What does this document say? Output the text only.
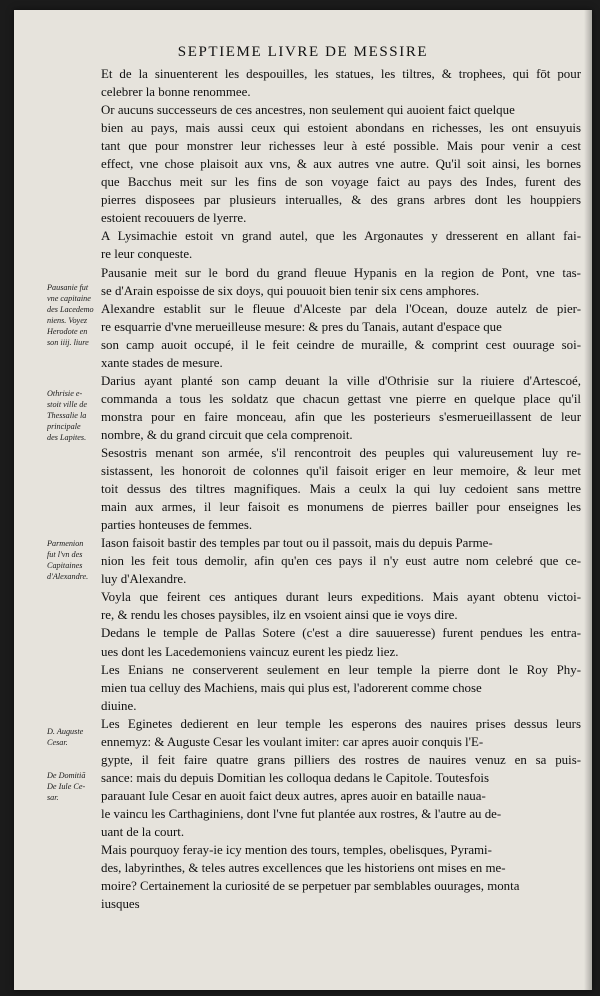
SEPTIEME LIVRE DE MESSIRE

Et de la sinuenterent les despouilles, les statues, les tiltres, & trophees, qui fōt pour
celebrer la bonne renommee.

Or aucuns successeurs de ces ancestres, non seulement qui auoient faict quelque
bien au pays, mais aussi ceux qui estoient abondans en richesses, les ont ensuyuis
tant que pour monstrer leur richesses leur à esté possible. Mais pour venir a cest
effect, vne chose plaisoit aux vns, & aux autres vne autre. Qu'il soit ainsi, les bornes
que Bacchus meit sur les fins de son voyage faict au pays des Indes, furent des
pierres disposees par plusieurs interualles, & des grans arbres dont les houppiers
estoient recouuers de lyerre.

A Lysimachie estoit vn grand autel, que les Argonautes y dresserent en allant fai-
re leur conqueste.

Pausanie meit sur le bord du grand fleuue Hypanis en la region de Pont, vne tas-
se d'Arain espoisse de six doys, qui pouuoit bien tenir six cens amphores.

Alexandre establit sur le fleuue d'Alceste par dela l'Ocean, douze autelz de pier-
re esquarrie d'vne merueilleuse mesure: & pres du Tanais, autant d'espace que
son camp auoit occupé, il le feit ceindre de muraille, & comprint cest ouurage soi-
xante stades de mesure.

Darius ayant planté son camp deuant la ville d'Othrisie sur la riuiere d'Artescoé,
commanda a tous les soldatz que chacun gettast vne pierre en quelque place qu'il
monstra pour en faire monceau, afin que les posterieurs s'esmerueillassent de leur
nombre, & du grand circuit que cela comprenoit.

Sesostris menant son armée, s'il rencontroit des peuples qui valureusement luy re-
sistassent, les honoroit de colonnes qu'il faisoit eriger en leur memoire, & leur met
toit dessus des tiltres magnifiques. Mais a ceulx la qui luy cedoient sans mettre
main aux armes, il leur faisoit es monumens de pierres bailler pour enseignes les
parties honteuses de femmes.

Iason faisoit bastir des temples par tout ou il passoit, mais du depuis Parme-
nion les feit tous demolir, afin qu'en ces pays il n'y eust autre nom celebré que ce-
luy d'Alexandre.

Voyla que feirent ces antiques durant leurs expeditions. Mais ayant obtenu victoi-
re, & rendu les choses paysibles, ilz en vsoient ainsi que ie voys dire.

Dedans le temple de Pallas Sotere (c'est a dire sauueresse) furent pendues les entra-
ues dont les Lacedemoniens vaincuz eurent les piedz liez.

Les Enians ne conserverent seulement en leur temple la pierre dont le Roy Phy-
mien tua celluy des Machiens, mais qui plus est, l'adorerent comme chose
diuine.

Les Eginetes dedierent en leur temple les esperons des nauires prises dessus leurs
ennemyz: & Auguste Cesar les voulant imiter: car apres auoir conquis l'E-
gypte, il feit faire quatre grans pilliers des rostres de nauires venuz en sa puis-
sance: mais du depuis Domitian les colloqua dedans le Capitole. Toutesfois
parauant Iule Cesar en auoit faict deux autres, apres auoir en bataille naua-
le vaincu les Carthaginiens, dont l'vne fut plantée aux rostres, & l'autre au de-
uant de la court.

Mais pourquoy feray-ie icy mention des tours, temples, obelisques, Pyrami-
des, labyrinthes, & teles autres excellences que les historiens ont mises en me-
moire? Certainement la curiosité de se perpetuer par semblables ouurages, monta
iusques

Pausanie fut
vne capitaine
des Lacedemo
niens. Voyez
Herodote en
son iiij. liure
Othrisie e-
stoit ville de
Thessalie la
principale
des Lapites.
Parmenion
fut l'vn des
Capitaines
d'Alexandre.
D. Auguste
Cesar.
De Domitiā
De Iule Ce-
sar.
